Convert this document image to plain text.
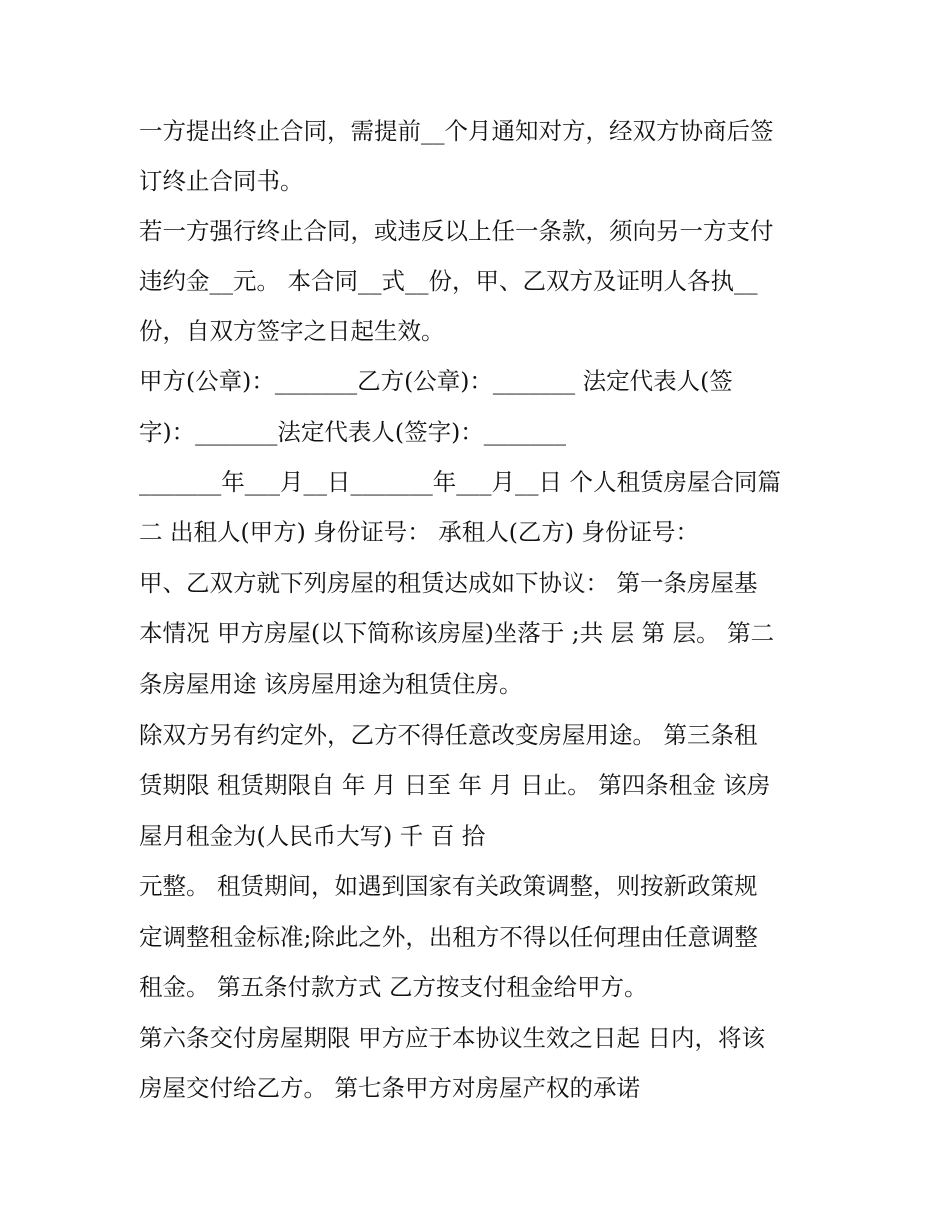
一方提出终止合同，需提前__个月通知对方，经双方协商后签
订终止合同书。
若一方强行终止合同，或违反以上任一条款，须向另一方支付
违约金__元。 本合同__式__份，甲、乙双方及证明人各执__
份，自双方签字之日起生效。
甲方(公章)：_______乙方(公章)：_______ 法定代表人(签
字)：_______法定代表人(签字)：_______
_______年___月__日_______年___月__日 个人租赁房屋合同篇
二 出租人(甲方) 身份证号： 承租人(乙方) 身份证号：
甲、乙双方就下列房屋的租赁达成如下协议： 第一条房屋基
本情况 甲方房屋(以下简称该房屋)坐落于 ;共 层 第 层。 第二
条房屋用途 该房屋用途为租赁住房。
除双方另有约定外，乙方不得任意改变房屋用途。 第三条租
赁期限 租赁期限自 年 月 日至 年 月 日止。 第四条租金 该房
屋月租金为(人民币大写) 千 百 拾
元整。 租赁期间，如遇到国家有关政策调整，则按新政策规
定调整租金标准;除此之外，出租方不得以任何理由任意调整
租金。 第五条付款方式 乙方按支付租金给甲方。
第六条交付房屋期限 甲方应于本协议生效之日起 日内，将该
房屋交付给乙方。 第七条甲方对房屋产权的承诺
